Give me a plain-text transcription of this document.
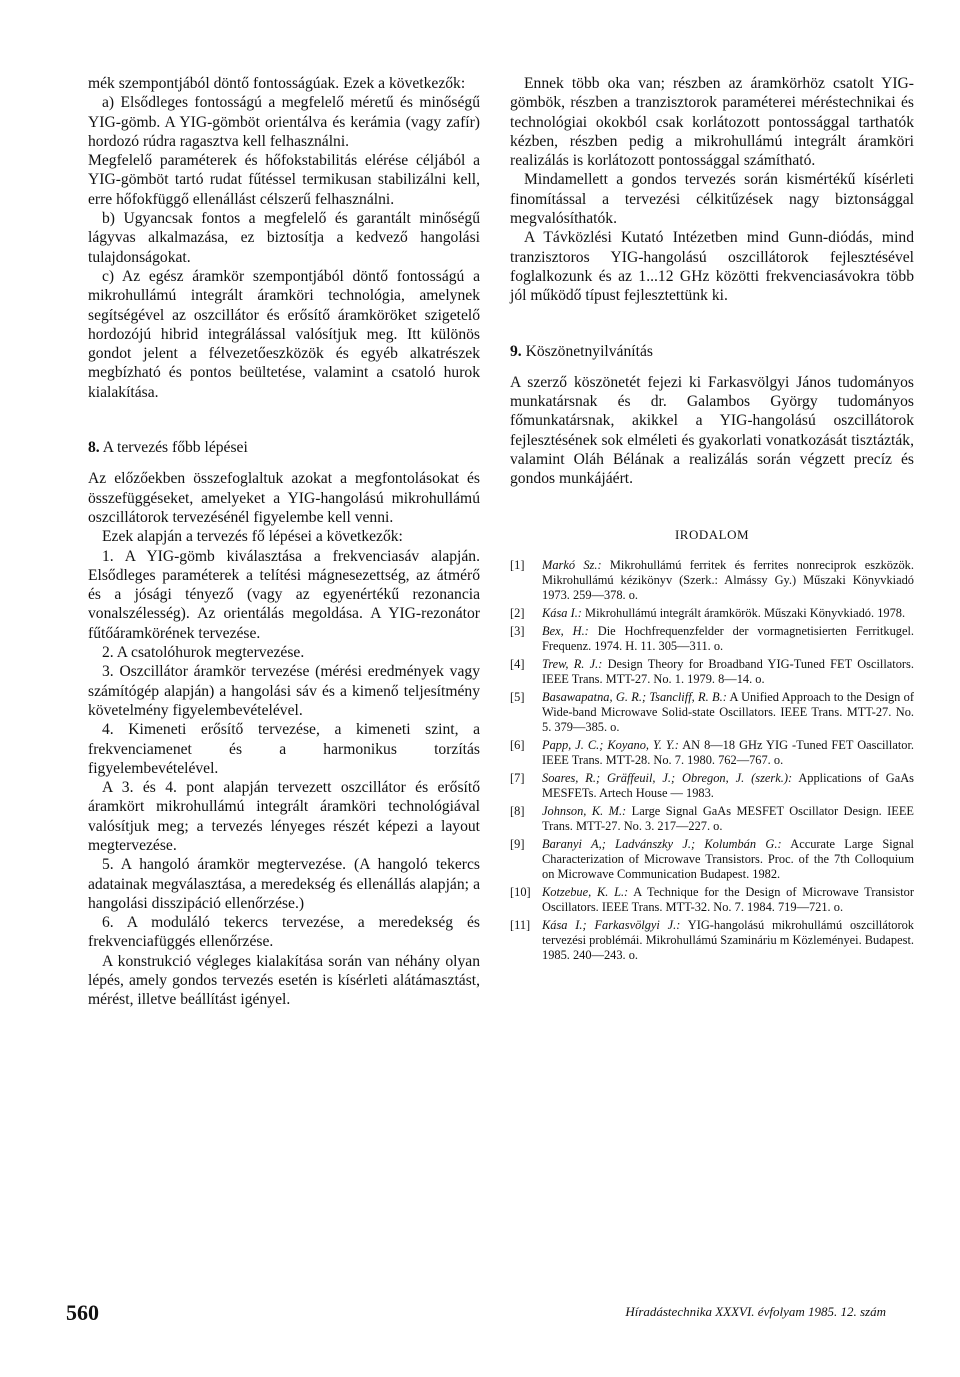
mék szempontjából döntő fontosságúak. Ezek a következők:

a) Elsődleges fontosságú a megfelelő méretű és minőségű YIG-gömb. A YIG-gömböt orientálva és kerámia (vagy zafír) hordozó rúdra ragasztva kell felhasználni.

Megfelelő paraméterek és hőfokstabilitás elérése céljából a YIG-gömböt tartó rudat fűtéssel termikusan stabilizálni kell, erre hőfokfüggő ellenállást célszerű felhasználni.

b) Ugyancsak fontos a megfelelő és garantált minőségű lágyvas alkalmazása, ez biztosítja a kedvező hangolási tulajdonságokat.

c) Az egész áramkör szempontjából döntő fontosságú a mikrohullámú integrált áramköri technológia, amelynek segítségével az oszcillátor és erősítő áramköröket szigetelő hordozójú hibrid integrálással valósítjuk meg. Itt különös gondot jelent a félvezetőeszközök és egyéb alkatrészek megbízható és pontos beültetése, valamint a csatoló hurok kialakítása.

8. A tervezés főbb lépései

Az előzőekben összefoglaltuk azokat a megfontolásokat és összefüggéseket, amelyeket a YIG-hangolású mikrohullámú oszcillátorok tervezésénél figyelembe kell venni.

Ezek alapján a tervezés fő lépései a következők:

1. A YIG-gömb kiválasztása a frekvenciasáv alapján. Elsődleges paraméterek a telítési mágnesezettség, az átmérő és a jósági tényező (vagy az egyenértékű rezonancia vonalszélesség). Az orientálás megoldása. A YIG-rezonátor fűtőáramkörének tervezése.

2. A csatolóhurok megtervezése.

3. Oszcillátor áramkör tervezése (mérési eredmények vagy számítógép alapján) a hangolási sáv és a kimenő teljesítmény követelmény figyelembevételével.

4. Kimeneti erősítő tervezése, a kimeneti szint, a frekvenciamenet és a harmonikus torzítás figyelembevételével.

A 3. és 4. pont alapján tervezett oszcillátor és erősítő áramkört mikrohullámú integrált áramköri technológiával valósítjuk meg; a tervezés lényeges részét képezi a layout megtervezése.

5. A hangoló áramkör megtervezése. (A hangoló tekercs adatainak megválasztása, a meredekség és ellenállás alapján; a hangolási disszipáció ellenőrzése.)

6. A moduláló tekercs tervezése, a meredekség és frekvenciafüggés ellenőrzése.

A konstrukció végleges kialakítása során van néhány olyan lépés, amely gondos tervezés esetén is kísérleti alátámasztást, mérést, illetve beállítást igényel.

Ennek több oka van; részben az áramkörhöz csatolt YIG-gömbök, részben a tranzisztorok paraméterei méréstechnikai és technológiai okokból csak korlátozott pontossággal tarthatók kézben, részben pedig a mikrohullámú integrált áramköri realizálás is korlátozott pontossággal számítható.

Mindamellett a gondos tervezés során kismértékű kísérleti finomítással a tervezési célkitűzések nagy biztonsággal megvalósíthatók.

A Távközlési Kutató Intézetben mind Gunn-diódás, mind tranzisztoros YIG-hangolású oszcillátorok fejlesztésével foglalkozunk és az 1...12 GHz közötti frekvenciasávokra több jól működő típust fejlesztettünk ki.

9. Köszönetnyilvánítás

A szerző köszönetét fejezi ki Farkasvölgyi János tudományos munkatársnak és dr. Galambos György tudományos főmunkatársnak, akikkel a YIG-hangolású oszcillátorok fejlesztésének sok elméleti és gyakorlati vonatkozását tisztázták, valamint Oláh Bélának a realizálás során végzett precíz és gondos munkájáért.

IRODALOM

[1]	Markó Sz.: Mikrohullámú ferritek és ferrites nonreciprok eszközök. Mikrohullámú kézikönyv (Szerk.: Almássy Gy.) Műszaki Könyvkiadó 1973. 259—378. o.

[2]	Kása I.: Mikrohullámú integrált áramkörök. Műszaki Könyvkiadó. 1978.

[3]	Bex, H.: Die Hochfrequenzfelder der vormagnetisierten Ferritkugel. Frequenz. 1974. H. 11. 305—311. o.

[4]	Trew, R. J.: Design Theory for Broadband YIG-Tuned FET Oscillators. IEEE Trans. MTT-27. No. 1. 1979. 8—14. o.

[5]	Basawapatna, G. R.; Tsancliff, R. B.: A Unified Approach to the Design of Wide-band Microwave Solid-state Oscillators. IEEE Trans. MTT-27. No. 5. 379—385. o.

[6]	Papp, J. C.; Koyano, Y. Y.: AN 8—18 GHz YIG -Tuned FET Oascillator. IEEE Trans. MTT-28. No. 7. 1980. 762—767. o.

[7]	Soares, R.; Gräffeuil, J.; Obregon, J. (szerk.): Applications of GaAs MESFETs. Artech House — 1983.

[8]	Johnson, K. M.: Large Signal GaAs MESFET Oscillator Design. IEEE Trans. MTT-27. No. 3. 217—227. o.

[9]	Baranyi A,; Ladvánszky J.; Kolumbán G.: Accurate Large Signal Characterization of Microwave Transistors. Proc. of the 7th Colloquium on Microwave Communication Budapest. 1982.

[10] Kotzebue, K. L.: A Technique for the Design of Microwave Transistor Oscillators. IEEE Trans. MTT-32. No. 7. 1984. 719—721. o.

[11] Kása I.; Farkasvölgyi J.: YIG-hangolású mikrohullámú oszcillátorok tervezési problémái. Mikrohullámú Szamináriu m Közleményei. Budapest. 1985. 240—243. o.

560	Híradástechnika XXXVI. évfolyam 1985. 12. szám
